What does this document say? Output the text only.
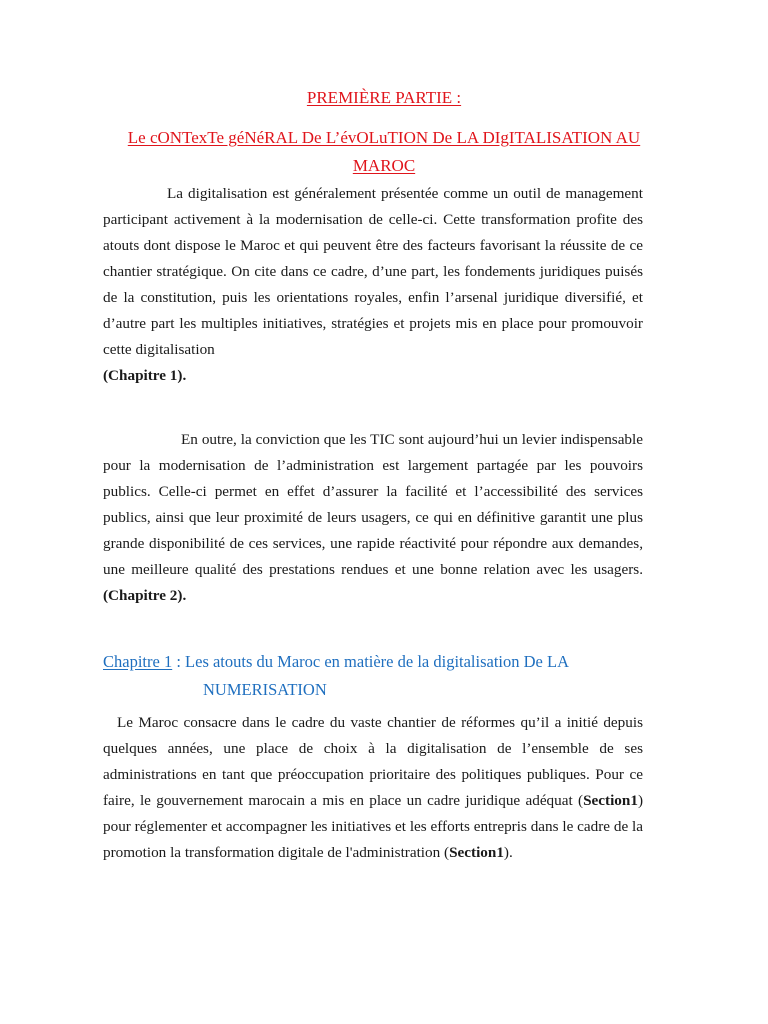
PREMIÈRE PARTIE :
Le cONTexTe géNéRAL De L’évOLuTION De LA DIgITALISATION AU MAROC

La digitalisation est généralement présentée comme un outil de management participant activement à la modernisation de celle-ci. Cette transformation profite des atouts dont dispose le Maroc et qui peuvent être des facteurs favorisant la réussite de ce chantier stratégique. On cite dans ce cadre, d’une part, les fondements juridiques puisés de la constitution, puis les orientations royales, enfin l’arsenal juridique diversifié, et d’autre part les multiples initiatives, stratégies et projets mis en place pour promouvoir cette digitalisation
(Chapitre 1).

En outre, la conviction que les TIC sont aujourd’hui un levier indispensable pour la modernisation de l’administration est largement partagée par les pouvoirs publics. Celle-ci permet en effet d’assurer la facilité et l’accessibilité des services publics, ainsi que leur proximité de leurs usagers, ce qui en définitive garantit une plus grande disponibilité de ces services, une rapide réactivité pour répondre aux demandes, une meilleure qualité des prestations rendues et une bonne relation avec les usagers. (Chapitre 2).

Chapitre 1 : Les atouts du Maroc en matière de la digitalisation De LA
NUMERISATION

Le Maroc consacre dans le cadre du vaste chantier de réformes qu’il a initié depuis quelques années, une place de choix à la digitalisation de l’ensemble de ses administrations en tant que préoccupation prioritaire des politiques publiques. Pour ce faire, le gouvernement marocain a mis en place un cadre juridique adéquat (Section1) pour réglementer et accompagner les initiatives et les efforts entrepris dans le cadre de la promotion la transformation digitale de l'administration (Section1).
